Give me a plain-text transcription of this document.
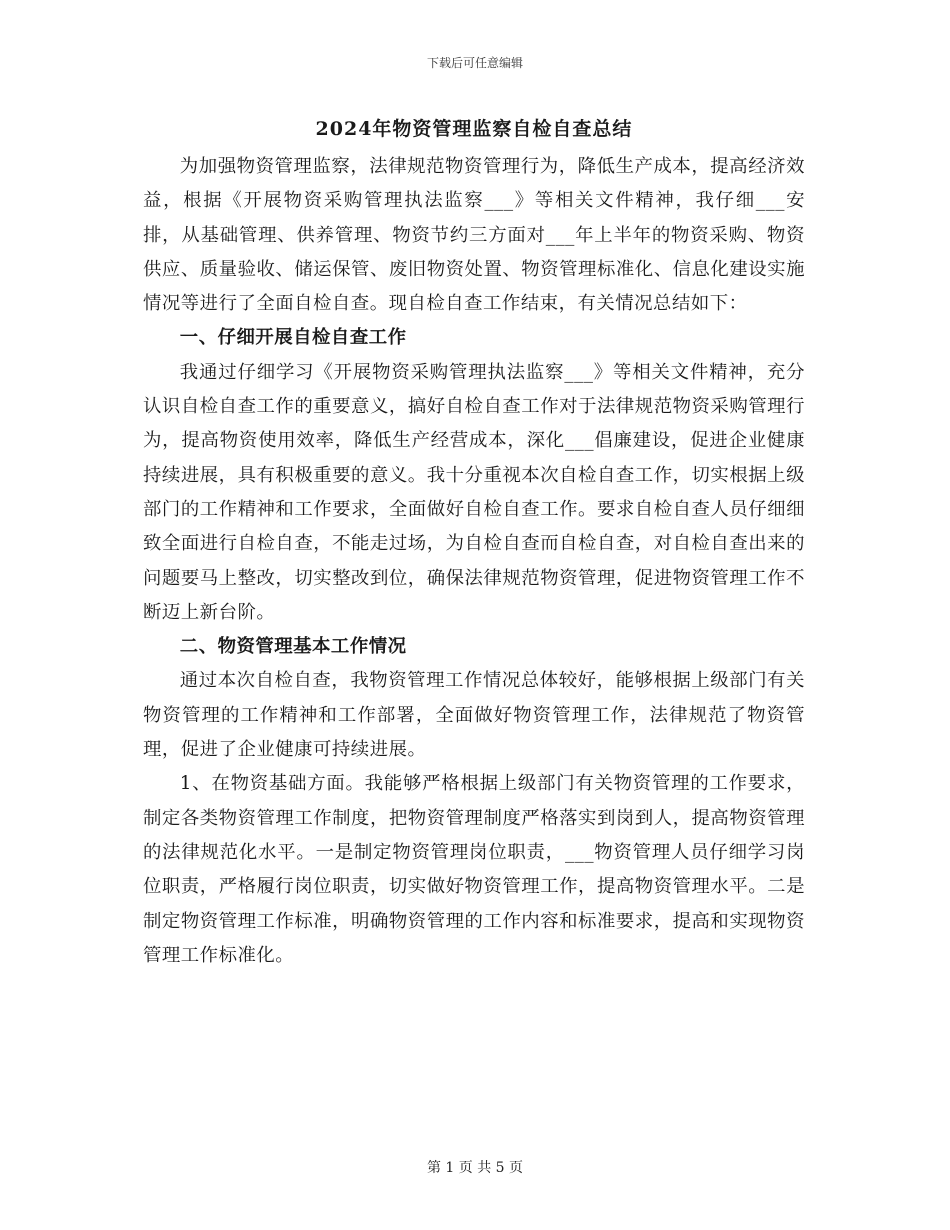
下载后可任意编辑
2024年物资管理监察自检自查总结

为加强物资管理监察，法律规范物资管理行为，降低生产成本，提高经济效益，根据《开展物资采购管理执法监察___》等相关文件精神，我仔细___安排，从基础管理、供养管理、物资节约三方面对___年上半年的物资采购、物资供应、质量验收、储运保管、废旧物资处置、物资管理标准化、信息化建设实施情况等进行了全面自检自查。现自检自查工作结束，有关情况总结如下：

一、仔细开展自检自查工作

我通过仔细学习《开展物资采购管理执法监察___》等相关文件精神，充分认识自检自查工作的重要意义，搞好自检自查工作对于法律规范物资采购管理行为，提高物资使用效率，降低生产经营成本，深化___倡廉建设，促进企业健康持续进展，具有积极重要的意义。我十分重视本次自检自查工作，切实根据上级部门的工作精神和工作要求，全面做好自检自查工作。要求自检自查人员仔细细致全面进行自检自查，不能走过场，为自检自查而自检自查，对自检自查出来的问题要马上整改，切实整改到位，确保法律规范物资管理，促进物资管理工作不断迈上新台阶。

二、物资管理基本工作情况

通过本次自检自查，我物资管理工作情况总体较好，能够根据上级部门有关物资管理的工作精神和工作部署，全面做好物资管理工作，法律规范了物资管理，促进了企业健康可持续进展。

1、在物资基础方面。我能够严格根据上级部门有关物资管理的工作要求，制定各类物资管理工作制度，把物资管理制度严格落实到岗到人，提高物资管理的法律规范化水平。一是制定物资管理岗位职责，___物资管理人员仔细学习岗位职责，严格履行岗位职责，切实做好物资管理工作，提高物资管理水平。二是制定物资管理工作标准，明确物资管理的工作内容和标准要求，提高和实现物资管理工作标准化。

第 1 页 共 5 页
